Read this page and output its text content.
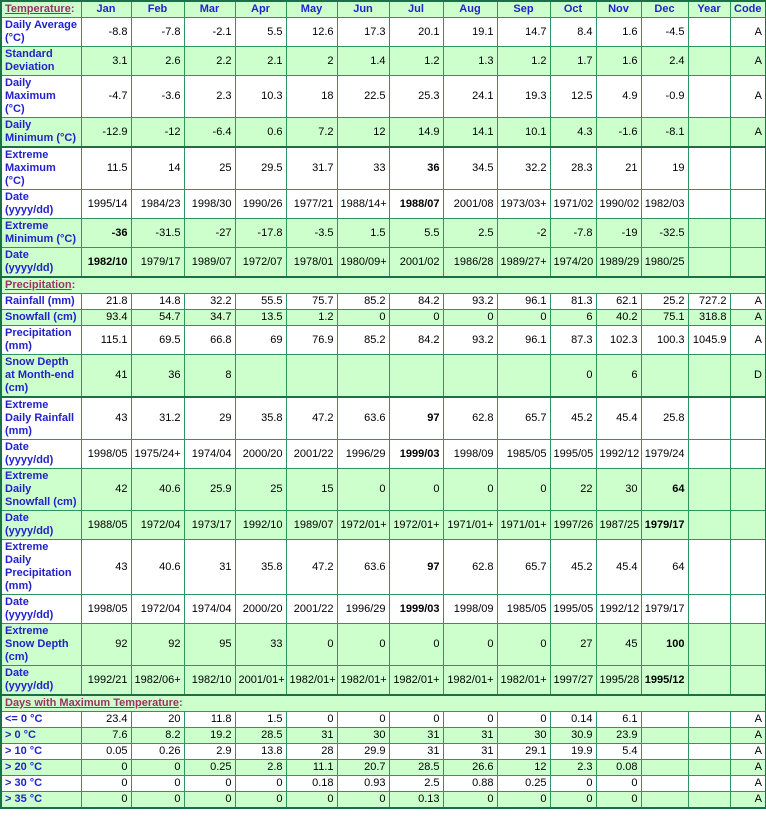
Temperature:	Jan	Feb	Mar	Apr	May	Jun	Jul	Aug	Sep	Oct	Nov	Dec	Year	Code
Daily Average (°C)	-8.8	-7.8	-2.1	5.5	12.6	17.3	20.1	19.1	14.7	8.4	1.6	-4.5		A
Standard Deviation	3.1	2.6	2.2	2.1	2	1.4	1.2	1.3	1.2	1.7	1.6	2.4		A
Daily Maximum (°C)	-4.7	-3.6	2.3	10.3	18	22.5	25.3	24.1	19.3	12.5	4.9	-0.9		A
Daily Minimum (°C)	-12.9	-12	-6.4	0.6	7.2	12	14.9	14.1	10.1	4.3	-1.6	-8.1		A
Extreme Maximum (°C)	11.5	14	25	29.5	31.7	33	36	34.5	32.2	28.3	21	19		
Date (yyyy/dd)	1995/14	1984/23	1998/30	1990/26	1977/21	1988/14+	1988/07	2001/08	1973/03+	1971/02	1990/02	1982/03		
Extreme Minimum (°C)	-36	-31.5	-27	-17.8	-3.5	1.5	5.5	2.5	-2	-7.8	-19	-32.5		
Date (yyyy/dd)	1982/10	1979/17	1989/07	1972/07	1978/01	1980/09+	2001/02	1986/28	1989/27+	1974/20	1989/29	1980/25		
Precipitation:														
Rainfall (mm)	21.8	14.8	32.2	55.5	75.7	85.2	84.2	93.2	96.1	81.3	62.1	25.2	727.2	A
Snowfall (cm)	93.4	54.7	34.7	13.5	1.2	0	0	0	0	6	40.2	75.1	318.8	A
Precipitation (mm)	115.1	69.5	66.8	69	76.9	85.2	84.2	93.2	96.1	87.3	102.3	100.3	1045.9	A
Snow Depth at Month-end (cm)	41	36	8							0	6			D
Extreme Daily Rainfall (mm)	43	31.2	29	35.8	47.2	63.6	97	62.8	65.7	45.2	45.4	25.8		
Date (yyyy/dd)	1998/05	1975/24+	1974/04	2000/20	2001/22	1996/29	1999/03	1998/09	1985/05	1995/05	1992/12	1979/24		
Extreme Daily Snowfall (cm)	42	40.6	25.9	25	15	0	0	0	0	22	30	64		
Date (yyyy/dd)	1988/05	1972/04	1973/17	1992/10	1989/07	1972/01+	1972/01+	1971/01+	1971/01+	1997/26	1987/25	1979/17		
Extreme Daily Precipitation (mm)	43	40.6	31	35.8	47.2	63.6	97	62.8	65.7	45.2	45.4	64		
Date (yyyy/dd)	1998/05	1972/04	1974/04	2000/20	2001/22	1996/29	1999/03	1998/09	1985/05	1995/05	1992/12	1979/17		
Extreme Snow Depth (cm)	92	92	95	33	0	0	0	0	0	27	45	100		
Date (yyyy/dd)	1992/21	1982/06+	1982/10	2001/01+	1982/01+	1982/01+	1982/01+	1982/01+	1982/01+	1997/27	1995/28	1995/12		
Days with Maximum Temperature:														
<= 0 °C	23.4	20	11.8	1.5	0	0	0	0	0	0.14	6.1			A
> 0 °C	7.6	8.2	19.2	28.5	31	30	31	31	30	30.9	23.9			A
> 10 °C	0.05	0.26	2.9	13.8	28	29.9	31	31	29.1	19.9	5.4			A
> 20 °C	0	0	0.25	2.8	11.1	20.7	28.5	26.6	12	2.3	0.08			A
> 30 °C	0	0	0	0	0.18	0.93	2.5	0.88	0.25	0	0			A
> 35 °C	0	0	0	0	0	0	0.13	0	0	0	0			A
